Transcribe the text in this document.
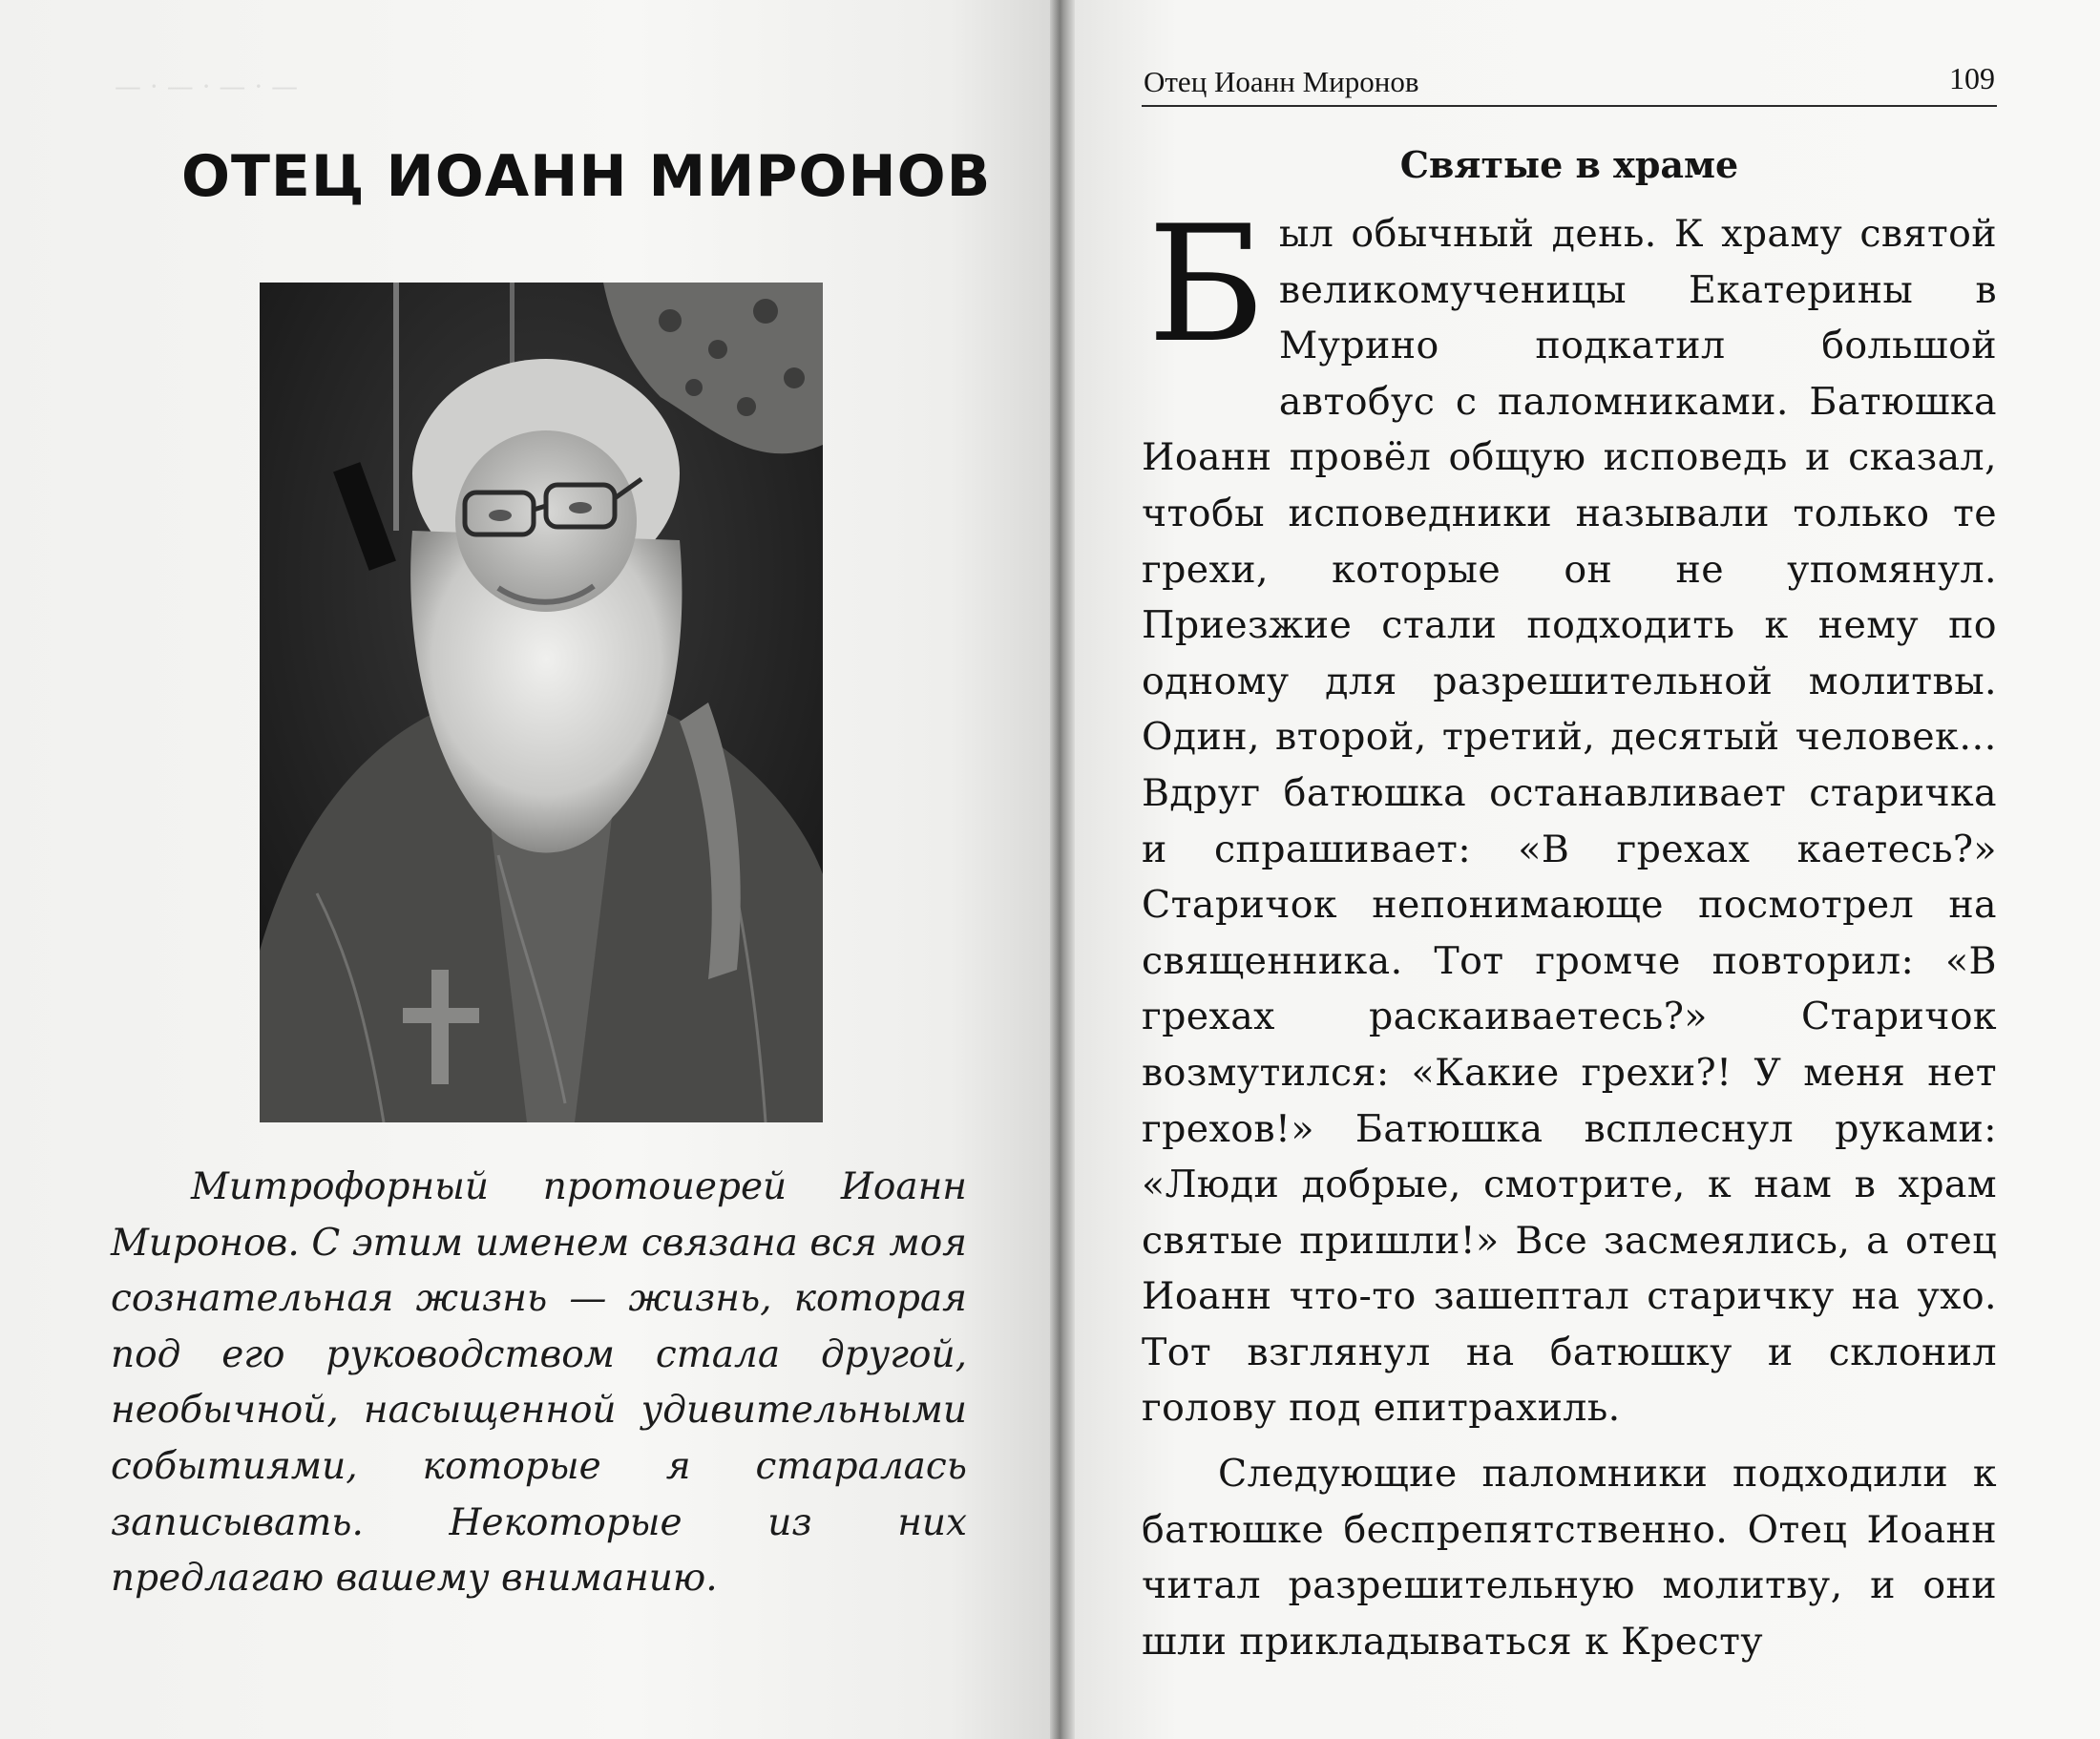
— · — · — · —
ОТЕЦ ИОАНН МИРОНОВ
Митрофорный протоиерей Иоанн Миронов. С этим именем связана вся моя сознательная жизнь — жизнь, которая под его руководством стала другой, необычной, насыщенной удивительными событиями, которые я старалась записывать. Некоторые из них предлагаю вашему вниманию.
Отец Иоанн Миронов	109
Святые в храме

Был обычный день. К храму святой великомученицы Екатерины в Мурино подкатил большой автобус с паломниками. Батюшка Иоанн провёл общую исповедь и сказал, чтобы исповедники называли только те грехи, которые он не упомянул. Приезжие стали подходить к нему по одному для разрешительной молитвы. Один, второй, третий, десятый человек… Вдруг батюшка останавливает старичка и спрашивает: «В грехах каетесь?» Старичок непонимающе посмотрел на священника. Тот громче повторил: «В грехах раскаиваетесь?» Старичок возмутился: «Какие грехи?! У меня нет грехов!» Батюшка всплеснул руками: «Люди добрые, смотрите, к нам в храм святые пришли!» Все засмеялись, а отец Иоанн что-то зашептал старичку на ухо. Тот взглянул на батюшку и склонил голову под епитрахиль.

Следующие паломники подходили к батюшке беспрепятственно. Отец Иоанн читал разрешительную молитву, и они шли прикладываться к Кресту
